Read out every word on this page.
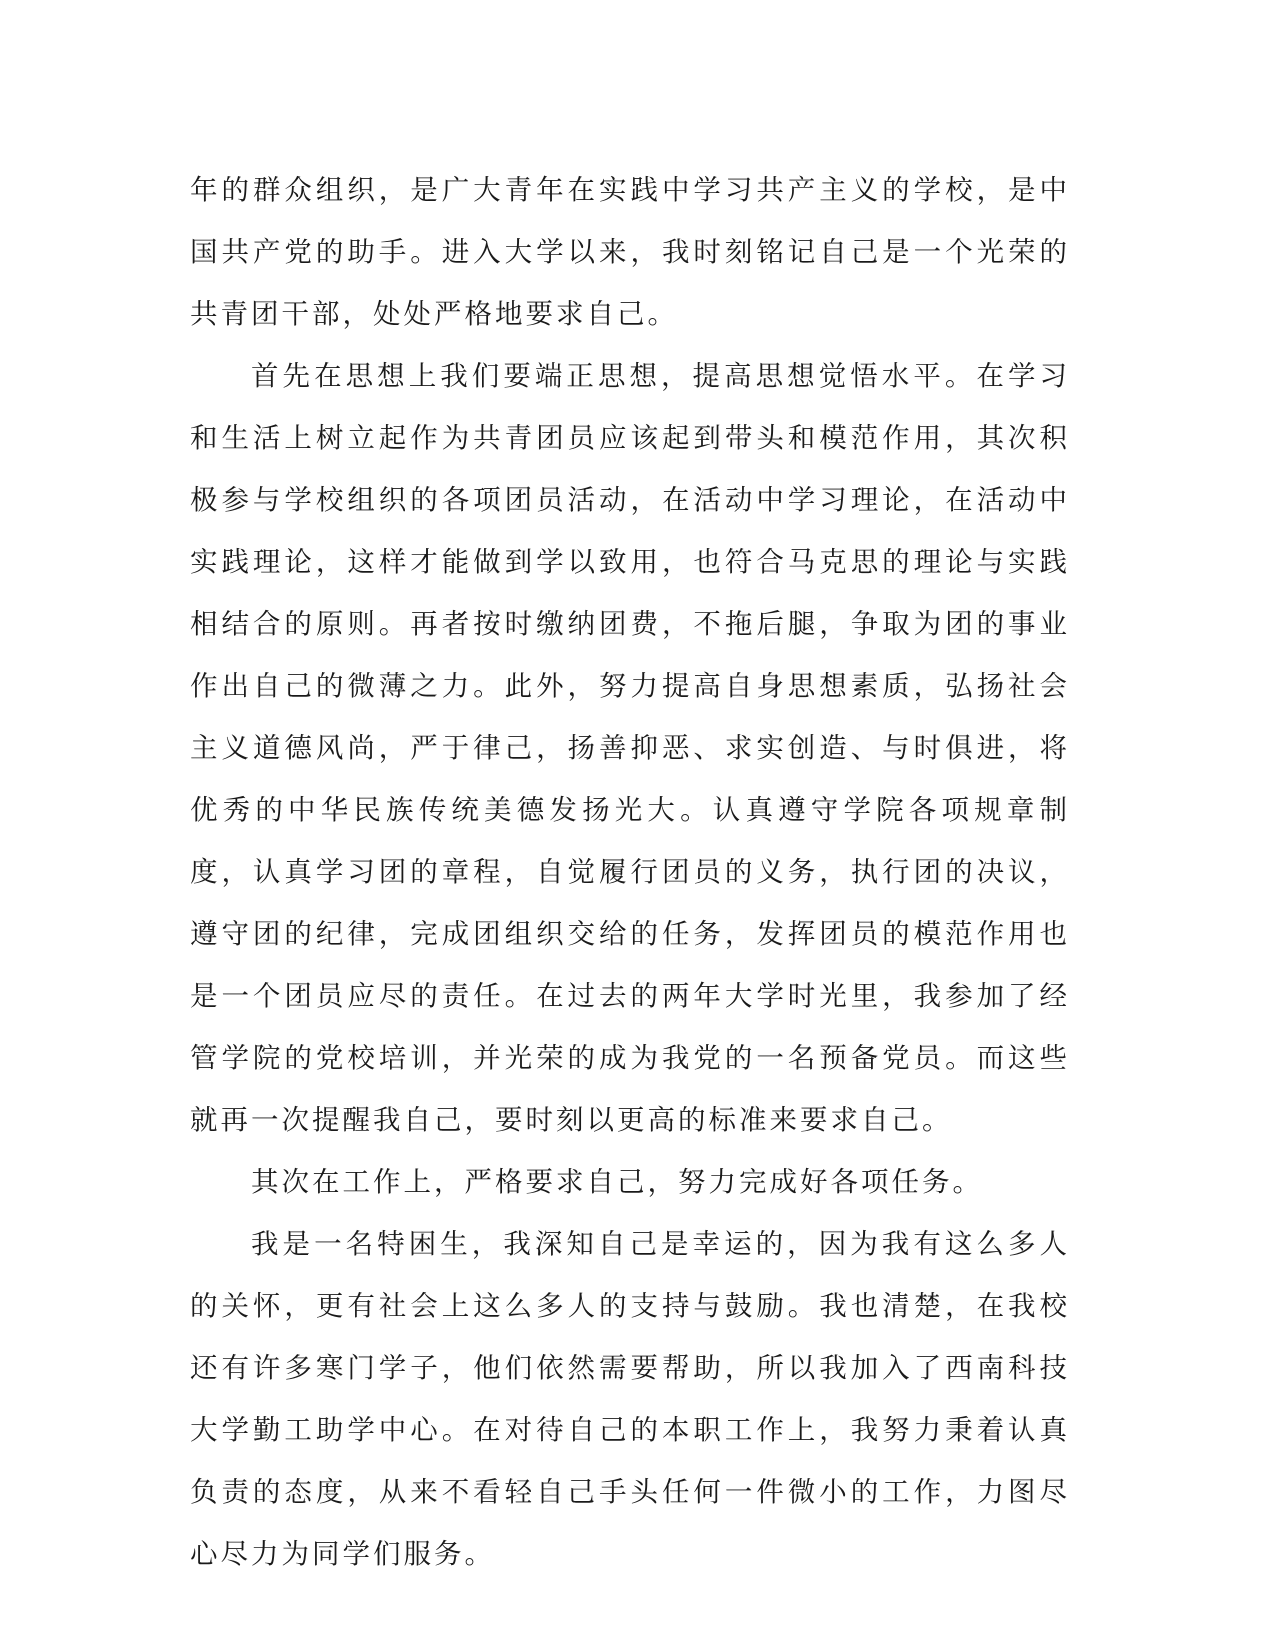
年的群众组织，是广大青年在实践中学习共产主义的学校，是中国共产党的助手。进入大学以来，我时刻铭记自己是一个光荣的共青团干部，处处严格地要求自己。

首先在思想上我们要端正思想，提高思想觉悟水平。在学习和生活上树立起作为共青团员应该起到带头和模范作用，其次积极参与学校组织的各项团员活动，在活动中学习理论，在活动中实践理论，这样才能做到学以致用，也符合马克思的理论与实践相结合的原则。再者按时缴纳团费，不拖后腿，争取为团的事业作出自己的微薄之力。此外，努力提高自身思想素质，弘扬社会主义道德风尚，严于律己，扬善抑恶、求实创造、与时俱进，将优秀的中华民族传统美德发扬光大。认真遵守学院各项规章制度，认真学习团的章程，自觉履行团员的义务，执行团的决议，遵守团的纪律，完成团组织交给的任务，发挥团员的模范作用也是一个团员应尽的责任。在过去的两年大学时光里，我参加了经管学院的党校培训，并光荣的成为我党的一名预备党员。而这些就再一次提醒我自己，要时刻以更高的标准来要求自己。

其次在工作上，严格要求自己，努力完成好各项任务。

我是一名特困生，我深知自己是幸运的，因为我有这么多人的关怀，更有社会上这么多人的支持与鼓励。我也清楚，在我校还有许多寒门学子，他们依然需要帮助，所以我加入了西南科技大学勤工助学中心。在对待自己的本职工作上，我努力秉着认真负责的态度，从来不看轻自己手头任何一件微小的工作，力图尽心尽力为同学们服务。
